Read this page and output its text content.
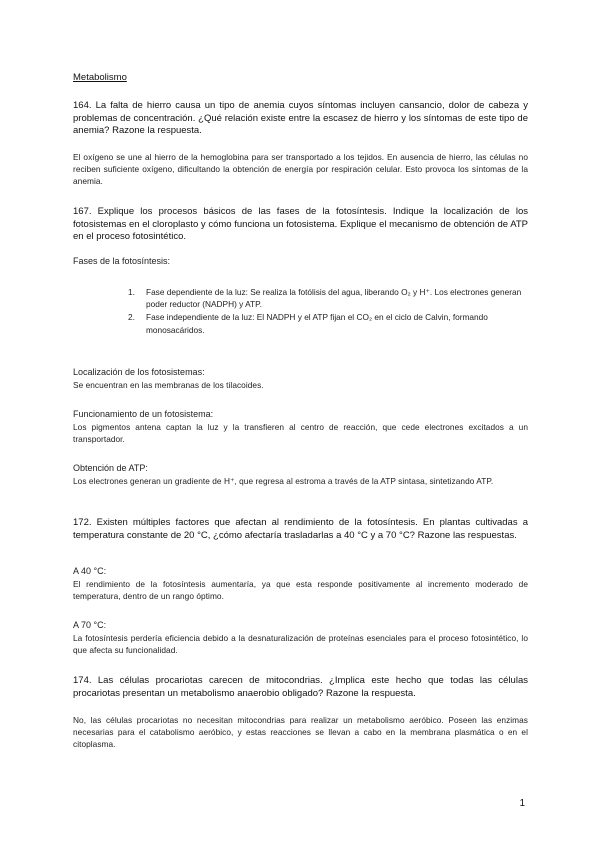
Metabolismo
164. La falta de hierro causa un tipo de anemia cuyos síntomas incluyen cansancio, dolor de cabeza y problemas de concentración. ¿Qué relación existe entre la escasez de hierro y los síntomas de este tipo de anemia? Razone la respuesta.
El oxígeno se une al hierro de la hemoglobina para ser transportado a los tejidos. En ausencia de hierro, las células no reciben suficiente oxígeno, dificultando la obtención de energía por respiración celular. Esto provoca los síntomas de la anemia.
167. Explique los procesos básicos de las fases de la fotosíntesis. Indique la localización de los fotosistemas en el cloroplasto y cómo funciona un fotosistema. Explique el mecanismo de obtención de ATP en el proceso fotosintético.
Fases de la fotosíntesis:
1. Fase dependiente de la luz: Se realiza la fotólisis del agua, liberando O₂ y H⁺. Los electrones generan poder reductor (NADPH) y ATP.
2. Fase independiente de la luz: El NADPH y el ATP fijan el CO₂ en el ciclo de Calvin, formando monosacáridos.
Localización de los fotosistemas:
Se encuentran en las membranas de los tilacoides.
Funcionamiento de un fotosistema:
Los pigmentos antena captan la luz y la transfieren al centro de reacción, que cede electrones excitados a un transportador.
Obtención de ATP:
Los electrones generan un gradiente de H⁺, que regresa al estroma a través de la ATP sintasa, sintetizando ATP.
172. Existen múltiples factores que afectan al rendimiento de la fotosíntesis. En plantas cultivadas a temperatura constante de 20 °C, ¿cómo afectaría trasladarlas a 40 °C y a 70 °C? Razone las respuestas.
A 40 °C:
El rendimiento de la fotosíntesis aumentaría, ya que esta responde positivamente al incremento moderado de temperatura, dentro de un rango óptimo.
A 70 °C:
La fotosíntesis perdería eficiencia debido a la desnaturalización de proteínas esenciales para el proceso fotosintético, lo que afecta su funcionalidad.
174. Las células procariotas carecen de mitocondrias. ¿Implica este hecho que todas las células procariotas presentan un metabolismo anaerobio obligado? Razone la respuesta.
No, las células procariotas no necesitan mitocondrias para realizar un metabolismo aeróbico. Poseen las enzimas necesarias para el catabolismo aeróbico, y estas reacciones se llevan a cabo en la membrana plasmática o en el citoplasma.
1
